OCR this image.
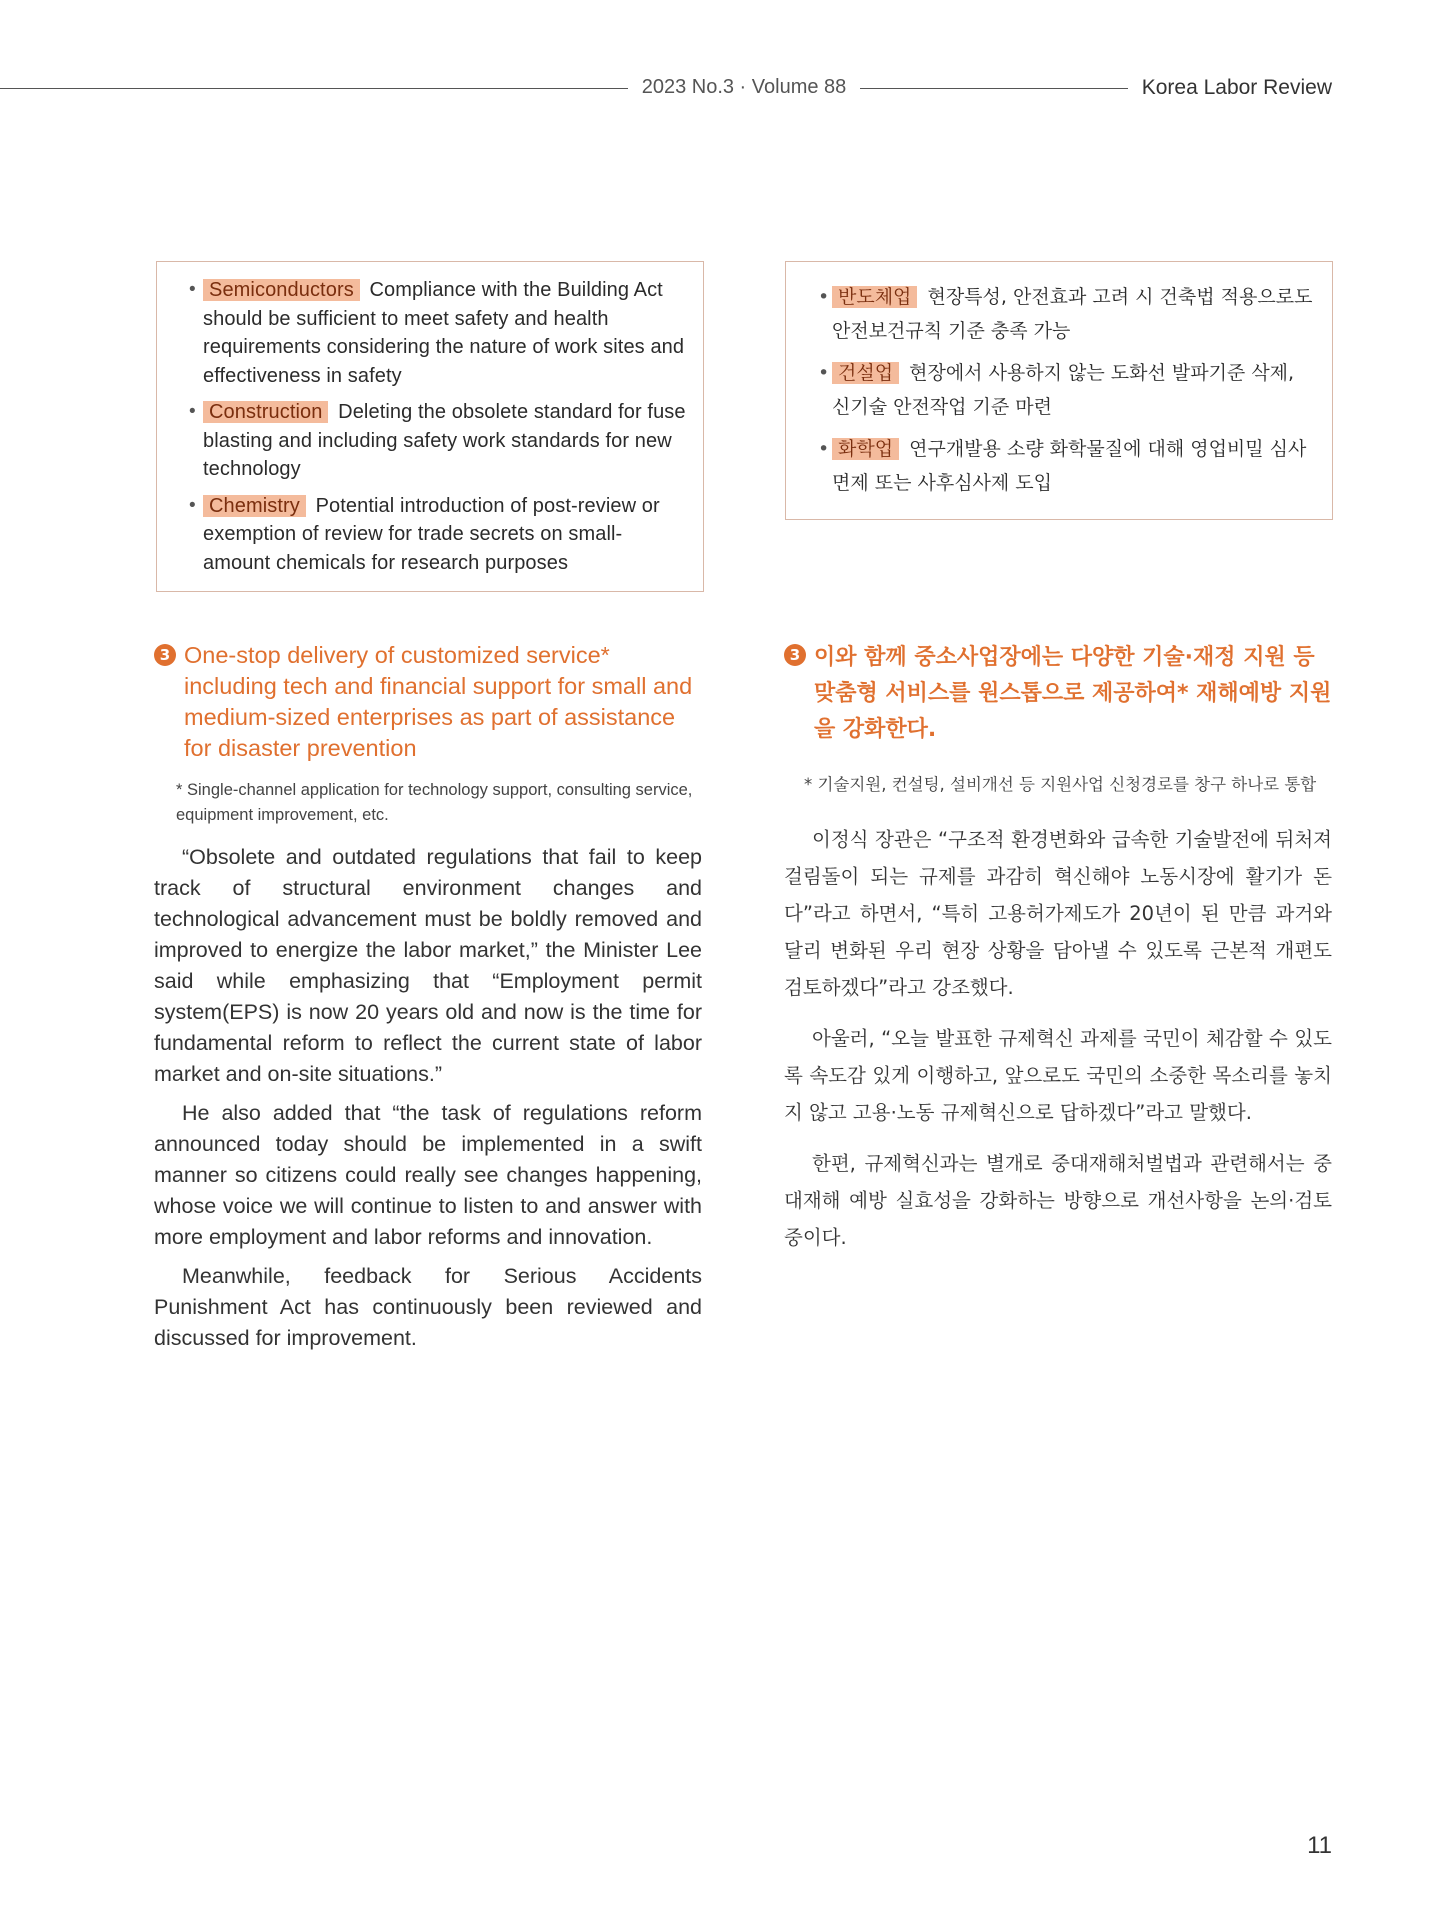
2023 No.3 · Volume 88	Korea Labor Review
• Semiconductors Compliance with the Building Act should be sufficient to meet safety and health requirements considering the nature of work sites and effectiveness in safety
• Construction Deleting the obsolete standard for fuse blasting and including safety work standards for new technology
• Chemistry Potential introduction of post-review or exemption of review for trade secrets on small-amount chemicals for research purposes
• 반도체업 현장특성, 안전효과 고려 시 건축법 적용으로도 안전보건규칙 기준 충족 가능
• 건설업 현장에서 사용하지 않는 도화선 발파기준 삭제, 신기술 안전작업 기준 마련
• 화학업 연구개발용 소량 화학물질에 대해 영업비밀 심사 면제 또는 사후심사제 도입
3 One-stop delivery of customized service* including tech and financial support for small and medium-sized enterprises as part of assistance for disaster prevention
* Single-channel application for technology support, consulting service, equipment improvement, etc.

“Obsolete and outdated regulations that fail to keep track of structural environment changes and technological advancement must be boldly removed and improved to energize the labor market,” the Minister Lee said while emphasizing that “Employment permit system(EPS) is now 20 years old and now is the time for fundamental reform to reflect the current state of labor market and on-site situations.”

He also added that “the task of regulations reform announced today should be implemented in a swift manner so citizens could really see changes happening, whose voice we will continue to listen to and answer with more employment and labor reforms and innovation.

Meanwhile, feedback for Serious Accidents Punishment Act has continuously been reviewed and discussed for improvement.

3 이와 함께 중소사업장에는 다양한 기술·재정 지원 등 맞춤형 서비스를 원스톱으로 제공하여* 재해예방 지원을 강화한다.
* 기술지원, 컨설팅, 설비개선 등 지원사업 신청경로를 창구 하나로 통합

이정식 장관은 “구조적 환경변화와 급속한 기술발전에 뒤처져 걸림돌이 되는 규제를 과감히 혁신해야 노동시장에 활기가 돈다”라고 하면서, “특히 고용허가제도가 20년이 된 만큼 과거와 달리 변화된 우리 현장 상황을 담아낼 수 있도록 근본적 개편도 검토하겠다”라고 강조했다.

아울러, “오늘 발표한 규제혁신 과제를 국민이 체감할 수 있도록 속도감 있게 이행하고, 앞으로도 국민의 소중한 목소리를 놓치지 않고 고용·노동 규제혁신으로 답하겠다”라고 말했다.

한편, 규제혁신과는 별개로 중대재해처벌법과 관련해서는 중대재해 예방 실효성을 강화하는 방향으로 개선사항을 논의·검토 중이다.

11
